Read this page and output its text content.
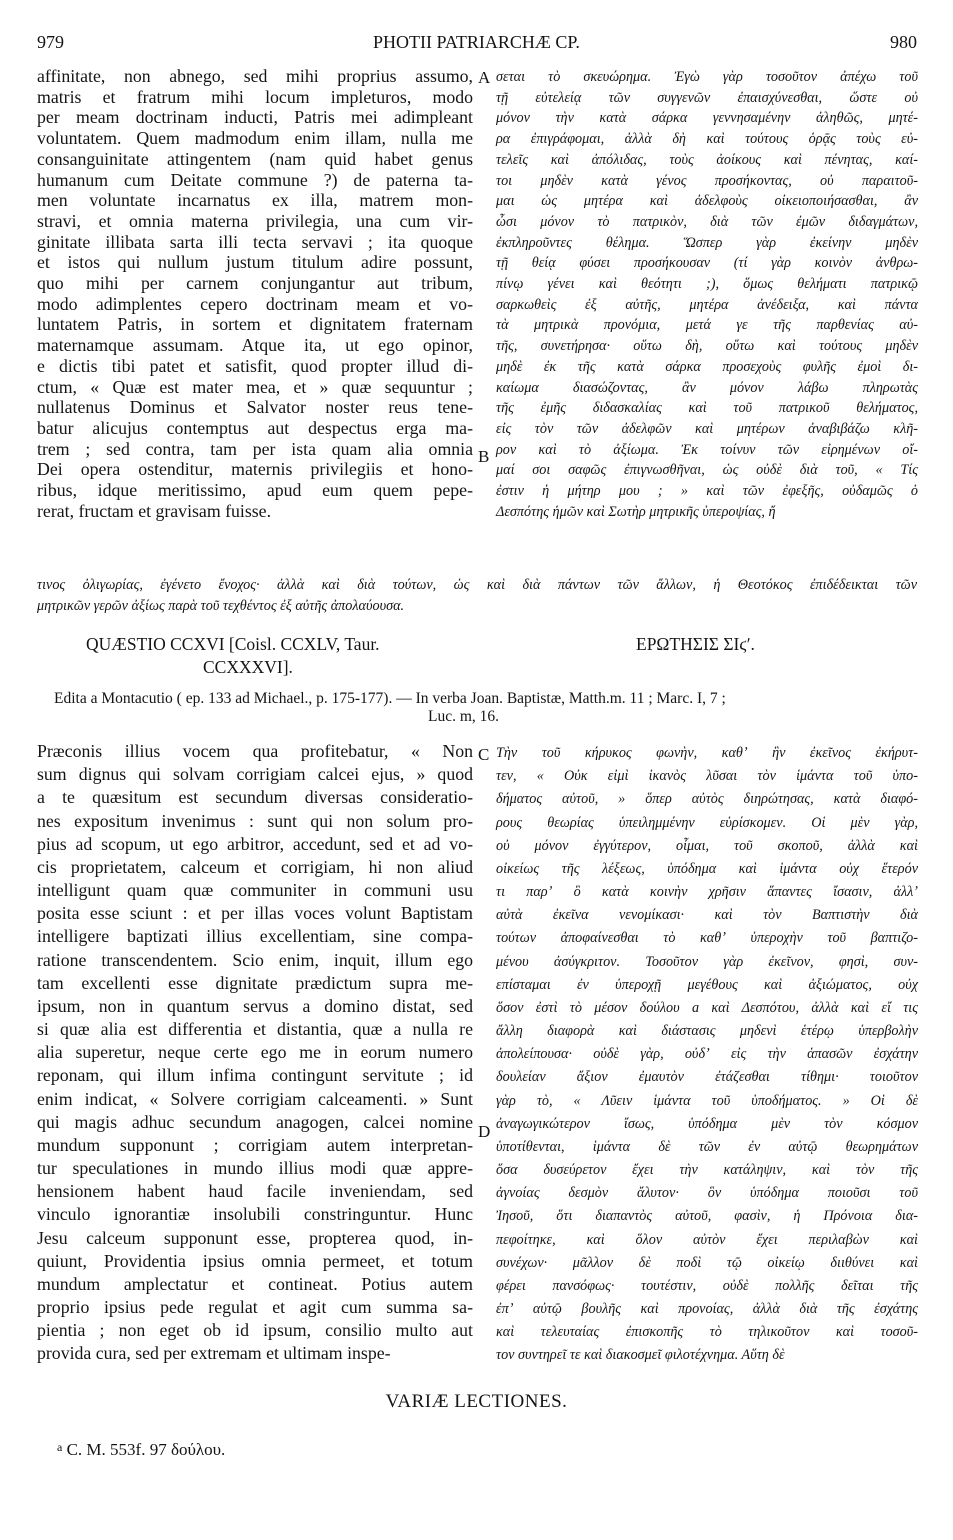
979	PHOTII PATRIARCHÆ CP.	980
affinitate, non abnego, sed mihi proprius assumo,
matris et fratrum mihi locum impleturos, modo
per meam doctrinam inducti, Patris mei adimpleant
voluntatem. Quem madmodum enim illam, nulla me
consanguinitate attingentem (nam quid habet genus
humanum cum Deitate commune ?) de paterna ta-
men voluntate incarnatus ex illa, matrem mon-
stravi, et omnia materna privilegia, una cum vir-
ginitate illibata sarta illi tecta servavi ; ita quoque
et istos qui nullum justum titulum adire possunt,
quo mihi per carnem conjungantur aut tribum,
modo adimplentes cepero doctrinam meam et vo-
luntatem Patris, in sortem et dignitatem fraternam
maternamque assumam. Atque ita, ut ego opinor,
e dictis tibi patet et satisfit, quod propter illud di-
ctum, « Quæ est mater mea, et » quæ sequuntur ;
nullatenus Dominus et Salvator noster reus tene-
batur alicujus contemptus aut despectus erga ma-
trem ; sed contra, tam per ista quam alia omnia
Dei opera ostenditur, maternis privilegiis et hono-
ribus, idque meritissimo, apud eum quem pepe-
rerat, fructam et gravisam fuisse.
σεται τὸ σκευώρημα. Ἐγὼ γὰρ τοσοῦτον ἀπέχω τοῦ
τῇ εὐτελείᾳ τῶν συγγενῶν ἐπαισχύνεσθαι, ὥστε οὐ
μόνον τὴν κατὰ σάρκα γεννησαμένην ἀληθῶς, μητέ-
ρα ἐπιγράφομαι, ἀλλὰ δὴ καὶ τούτους ὁρᾷς τοὺς εὐ-
τελεῖς καὶ ἀπόλιδας, τοὺς ἀοίκους καὶ πένητας, καί-
τοι μηδὲν κατὰ γένος προσήκοντας, οὐ παραιτοῦ-
μαι ὡς μητέρα καὶ ἀδελφοὺς οἰκειοποιήσασθαι, ἂν
ὦσι μόνον τὸ πατρικὸν, διὰ τῶν ἐμῶν διδαγμάτων,
ἐκπληροῦντες θέλημα. Ὥσπερ γὰρ ἐκείνην μηδὲν
τῇ θείᾳ φύσει προσήκουσαν (τί γὰρ κοινὸν ἀνθρω-
πίνῳ γένει καὶ θεότητι ;), ὅμως θελήματι πατρικῷ
σαρκωθεὶς ἐξ αὐτῆς, μητέρα ἀνέδειξα, καὶ πάντα
τὰ μητρικὰ προνόμια, μετά γε τῆς παρθενίας αὐ-
τῆς, συνετήρησα· οὕτω δὴ, οὕτω καὶ τούτους μηδὲν
μηδὲ ἐκ τῆς κατὰ σάρκα προσεχοὺς φυλῆς ἐμοὶ δι-
καίωμα διασώζοντας, ἂν μόνον λάβω πληρωτὰς
τῆς ἐμῆς διδασκαλίας καὶ τοῦ πατρικοῦ θελήματος,
εἰς τὸν τῶν ἀδελφῶν καὶ μητέρων ἀναβιβάζω κλῆ-
ρον καὶ τὸ ἀξίωμα. Ἐκ τοίνυν τῶν εἰρημένων οἴ-
μαί σοι σαφῶς ἐπιγνωσθῆναι, ὡς οὐδὲ διὰ τοῦ, « Τίς
ἐστιν ἡ μήτηρ μου ; » καὶ τῶν ἐφεξῆς, οὐδαμῶς ὁ
Δεσπότης ἡμῶν καὶ Σωτὴρ μητρικῆς ὑπεροψίας, ἤ
τινος ὀλιγωρίας, ἐγένετο ἔνοχος· ἀλλὰ καὶ διὰ τούτων, ὡς καὶ διὰ πάντων τῶν ἄλλων, ἡ Θεοτόκος ἐπιδέδεικται τῶν
μητρικῶν γερῶν ἀξίως παρὰ τοῦ τεχθέντος ἐξ αὐτῆς ἀπολαύουσα.
A
B
C
D
QUÆSTIO CCXVI [Coisl. CCXLV, Taur.
CCXXXVI].
ΕΡΩΤΗΣΙΣ ΣΙϛʹ.
Edita a Montacutio ( ep. 133 ad Michael., p. 175-177). — In verba Joan. Baptistæ, Matth.m. 11 ; Marc. I, 7 ;
Luc. m, 16.
Præconis illius vocem qua profitebatur, « Non
sum dignus qui solvam corrigiam calcei ejus, » quod
a te quæsitum est secundum diversas consideratio-
nes expositum invenimus : sunt qui non solum pro-
pius ad scopum, ut ego arbitror, accedunt, sed et ad vo-
cis proprietatem, calceum et corrigiam, hi non aliud
intelligunt quam quæ communiter in communi usu
posita esse sciunt : et per illas voces volunt Baptistam
intelligere baptizati illius excellentiam, sine compa-
ratione transcendentem. Scio enim, inquit, illum ego
tam excellenti esse dignitate prædictum supra me-
ipsum, non in quantum servus a domino distat, sed
si quæ alia est differentia et distantia, quæ a nulla re
alia superetur, neque certe ego me in eorum numero
reponam, qui illum infima contingunt servitute ; id
enim indicat, « Solvere corrigiam calceamenti. » Sunt
qui magis adhuc secundum anagogen, calcei nomine
mundum supponunt ; corrigiam autem interpretan-
tur speculationes in mundo illius modi quæ appre-
hensionem habent haud facile inveniendam, sed
vinculo ignorantiæ insolubili constringuntur. Hunc
Jesu calceum supponunt esse, propterea quod, in-
quiunt, Providentia ipsius omnia permeet, et totum
mundum amplectatur et contineat. Potius autem
proprio ipsius pede regulat et agit cum summa sa-
pientia ; non eget ob id ipsum, consilio multo aut
provida cura, sed per extremam et ultimam inspe-
Τὴν τοῦ κήρυκος φωνὴν, καθʼ ἣν ἐκεῖνος ἐκήρυτ-
τεν, « Οὐκ εἰμὶ ἱκανὸς λῦσαι τὸν ἱμάντα τοῦ ὑπο-
δήματος αὐτοῦ, » ὅπερ αὐτὸς διηρώτησας, κατὰ διαφό-
ρους θεωρίας ὑπειλημμένην εὑρίσκομεν. Οἱ μὲν γὰρ,
οὐ μόνον ἐγγύτερον, οἶμαι, τοῦ σκοποῦ, ἀλλὰ καὶ
οἰκείως τῆς λέξεως, ὑπόδημα καὶ ἱμάντα οὐχ ἕτερόν
τι παρʼ ὃ κατὰ κοινὴν χρῆσιν ἅπαντες ἴσασιν, ἀλλʼ
αὐτὰ ἐκεῖνα νενομίκασι· καὶ τὸν Βαπτιστὴν διὰ
τούτων ἀποφαίνεσθαι τὸ καθʼ ὑπεροχὴν τοῦ βαπτιζο-
μένου ἀσύγκριτον. Τοσοῦτον γὰρ ἐκεῖνον, φησὶ, συν-
επίσταμαι ἐν ὑπεροχῇ μεγέθους καὶ ἀξιώματος, οὐχ
ὅσον ἐστὶ τὸ μέσον δούλου a καὶ Δεσπότου, ἀλλὰ καὶ εἴ τις
ἄλλη διαφορὰ καὶ διάστασις μηδενὶ ἑτέρῳ ὑπερβολὴν
ἀπολείπουσα· οὐδὲ γὰρ, οὐδʼ εἰς τὴν ἁπασῶν ἐσχάτην
δουλείαν ἄξιον ἐμαυτὸν ἐτάζεσθαι τίθημι· τοιοῦτον
γὰρ τὸ, « Λῦειν ἱμάντα τοῦ ὑποδήματος. » Οἱ δὲ
ἀναγωγικώτερον ἴσως, ὑπόδημα μὲν τὸν κόσμον
ὑποτίθενται, ἱμάντα δὲ τῶν ἐν αὐτῷ θεωρημάτων
ὅσα δυσεύρετον ἔχει τὴν κατάληψιν, καὶ τὸν τῆς
ἀγνοίας δεσμὸν ἄλυτον· ὃν ὑπόδημα ποιοῦσι τοῦ
Ἰησοῦ, ὅτι διαπαντὸς αὐτοῦ, φασὶν, ἡ Πρόνοια δια-
πεφοίτηκε, καὶ ὅλον αὐτὸν ἔχει περιλαβὼν καὶ
συνέχων· μᾶλλον δὲ ποδὶ τῷ οἰκείῳ διιθύνει καὶ
φέρει πανσόφως· τουτέστιν, οὐδὲ πολλῆς δεῖται τῆς
ἐπʼ αὐτῷ βουλῆς καὶ προνοίας, ἀλλὰ διὰ τῆς ἐσχάτης
καὶ τελευταίας ἐπισκοπῆς τὸ τηλικοῦτον καὶ τοσοῦ-
τον συντηρεῖ τε καὶ διακοσμεῖ φιλοτέχνημα. Αὕτη δὲ
VARIÆ LECTIONES.
$^a$ C. M. 553f. 97 δούλου.
